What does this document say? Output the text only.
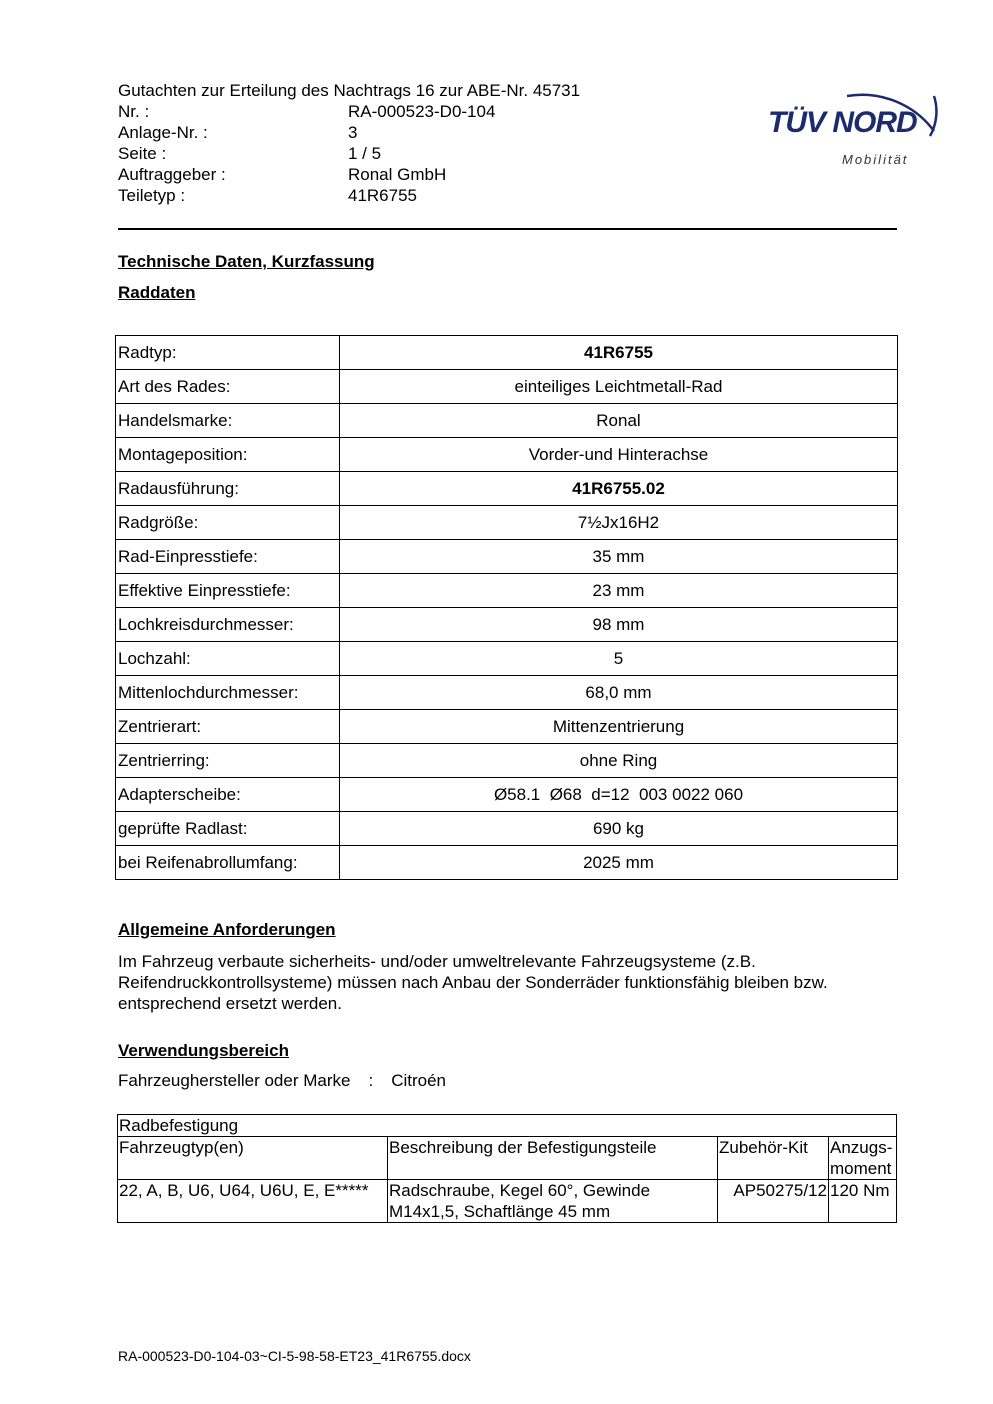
Gutachten zur Erteilung des Nachtrags 16 zur ABE-Nr. 45731
Nr. :	RA-000523-D0-104
Anlage-Nr. :	3
Seite :	1 / 5
Auftraggeber :	Ronal GmbH
Teiletyp :	41R6755
TÜV NORD
Mobilität
Technische Daten, Kurzfassung
Raddaten
Radtyp:	41R6755
Art des Rades:	einteiliges Leichtmetall-Rad
Handelsmarke:	Ronal
Montageposition:	Vorder-und Hinterachse
Radausführung:	41R6755.02
Radgröße:	7½Jx16H2
Rad-Einpresstiefe:	35 mm
Effektive Einpresstiefe:	23 mm
Lochkreisdurchmesser:	98 mm
Lochzahl:	5
Mittenlochdurchmesser:	68,0 mm
Zentrierart:	Mittenzentrierung
Zentrierring:	ohne Ring
Adapterscheibe:	Ø58.1  Ø68  d=12  003 0022 060
geprüfte Radlast:	690 kg
bei Reifenabrollumfang:	2025 mm
Allgemeine Anforderungen
Im Fahrzeug verbaute sicherheits- und/oder umweltrelevante Fahrzeugsysteme (z.B. Reifendruckkontrollsysteme) müssen nach Anbau der Sonderräder funktionsfähig bleiben bzw. entsprechend ersetzt werden.
Verwendungsbereich
Fahrzeughersteller oder Marke : Citroén
Radbefestigung			
Fahrzeugtyp(en)	Beschreibung der Befestigungsteile	Zubehör-Kit	Anzugs-
moment
22, A, B, U6, U64, U6U, E, E*****	Radschraube, Kegel 60°, Gewinde M14x1,5, Schaftlänge 45 mm	AP50275/12	120 Nm
RA-000523-D0-104-03~CI-5-98-58-ET23_41R6755.docx
